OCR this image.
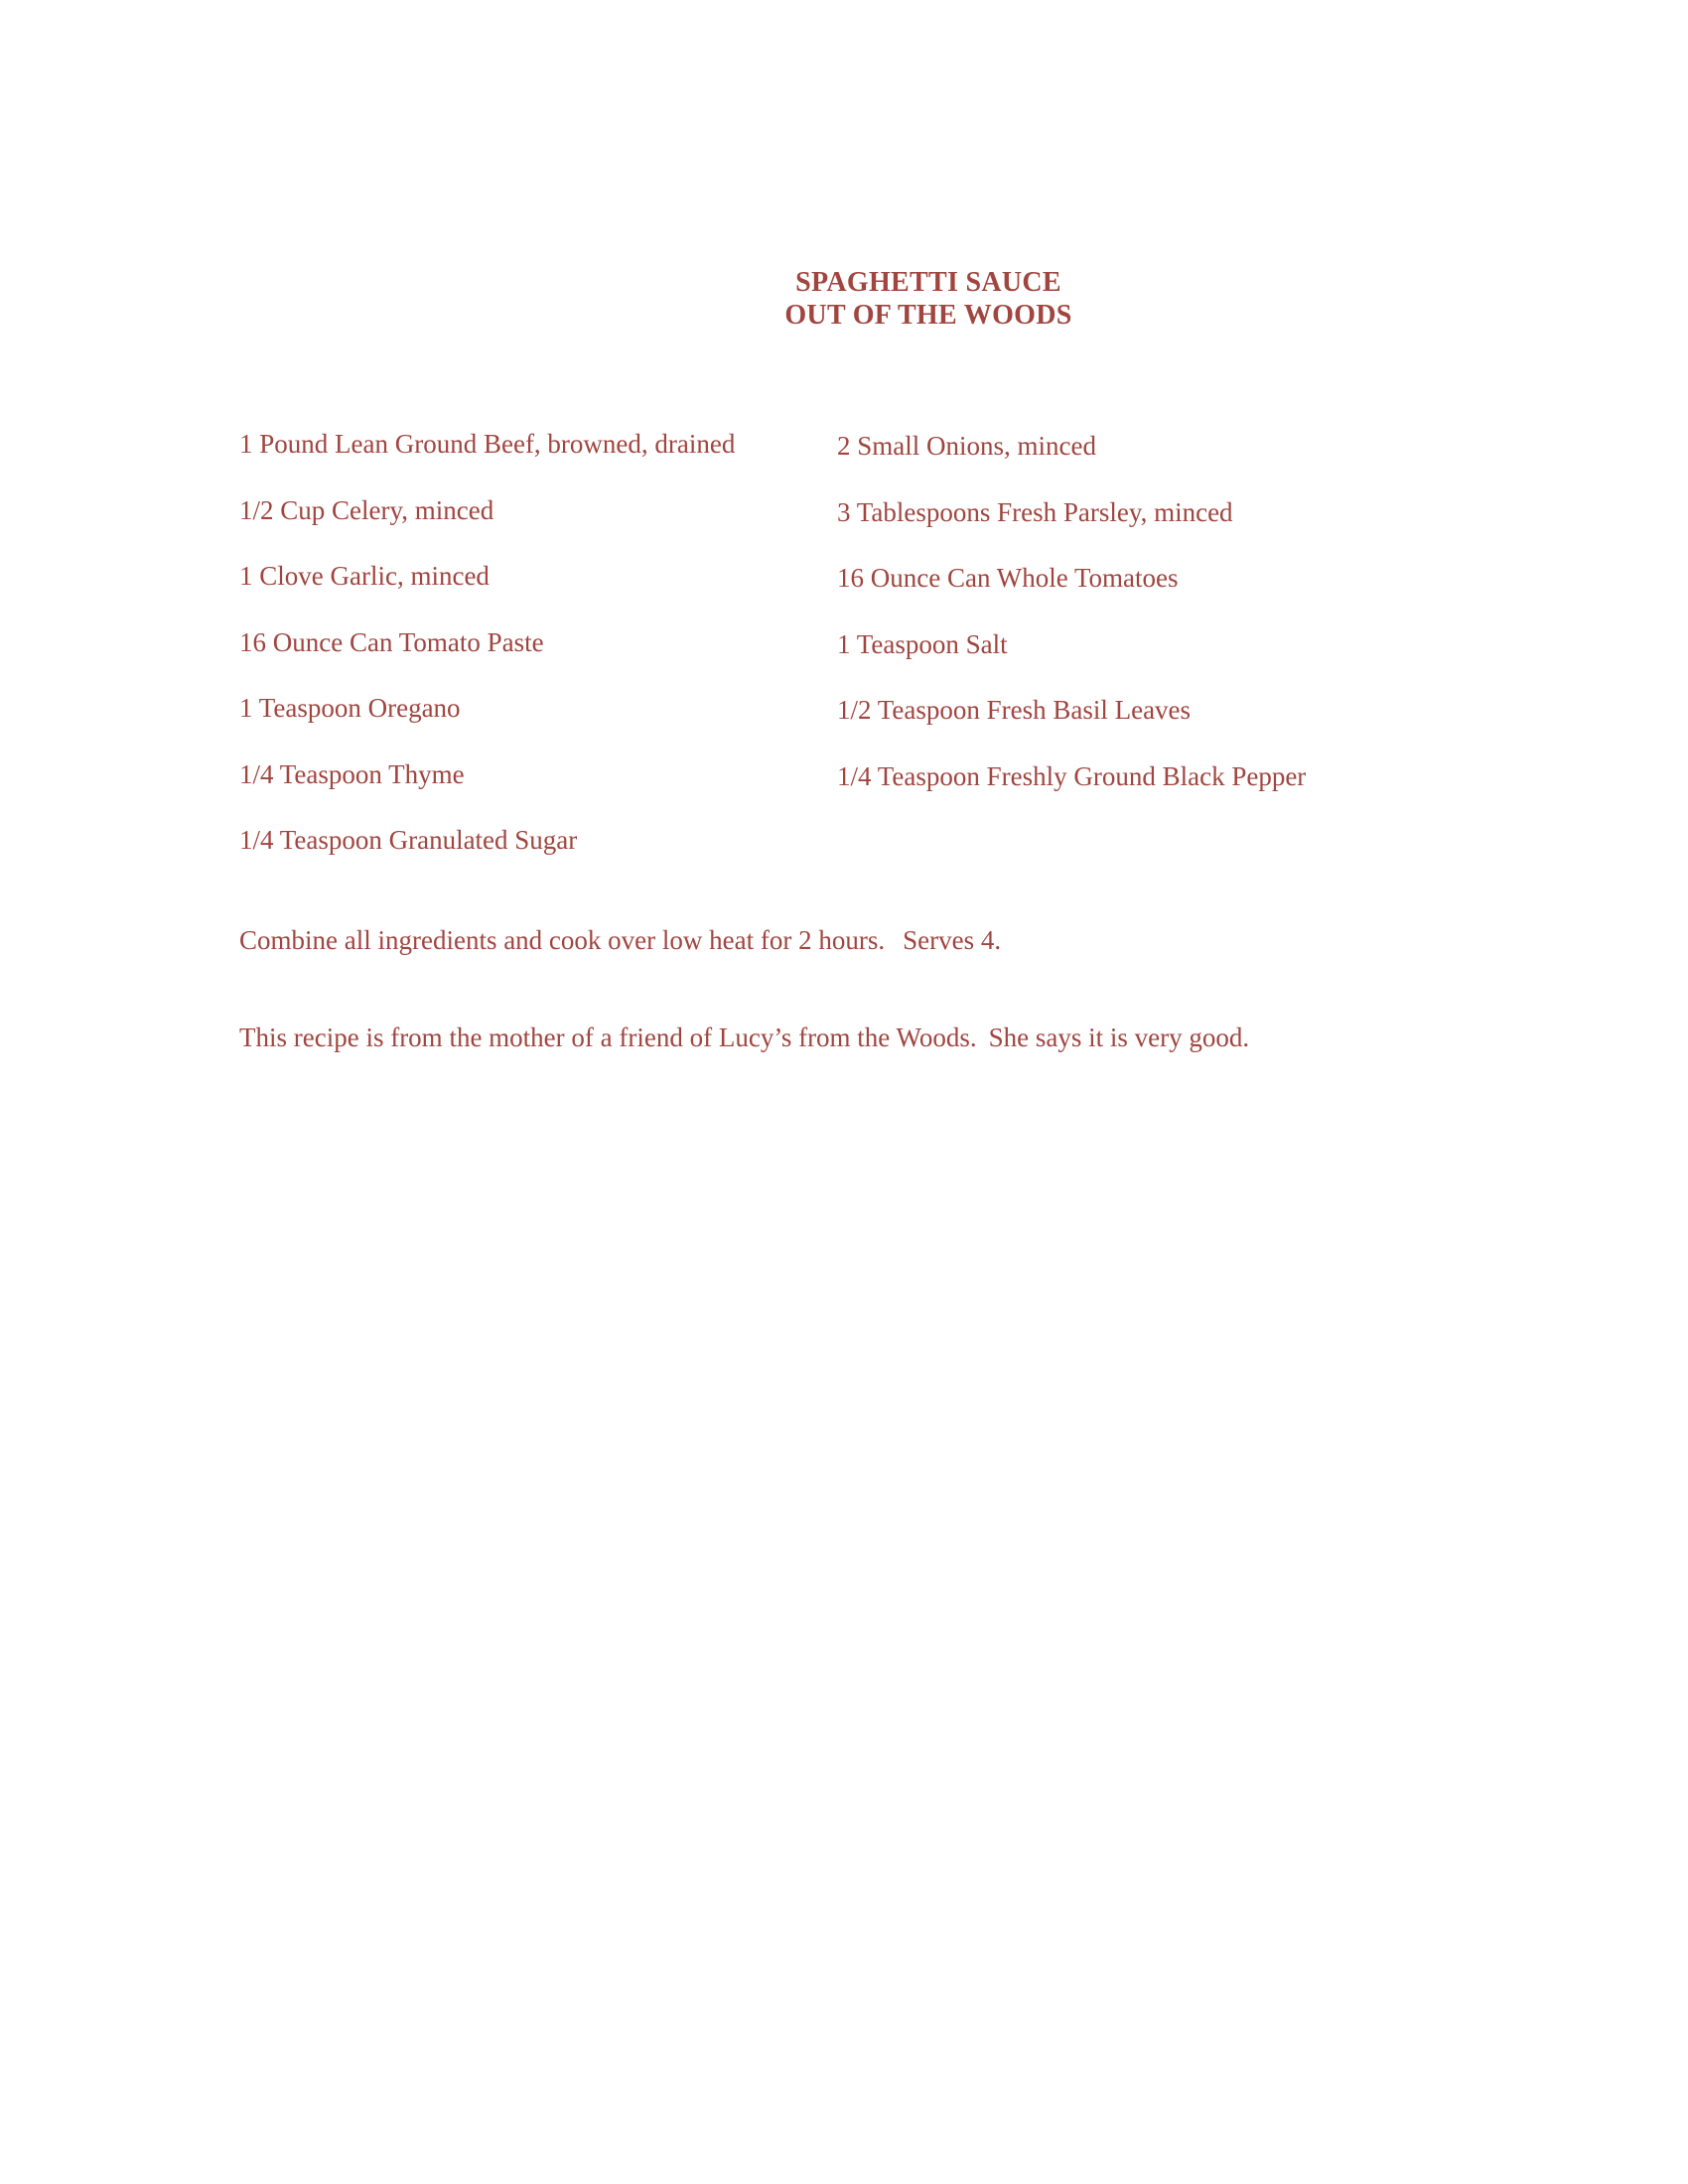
SPAGHETTI SAUCE
OUT OF THE WOODS
1 Pound Lean Ground Beef, browned, drained
1/2 Cup Celery, minced
1 Clove Garlic, minced
16 Ounce Can Tomato Paste
1 Teaspoon Oregano
1/4 Teaspoon Thyme
1/4 Teaspoon Granulated Sugar
2 Small Onions, minced
3 Tablespoons Fresh Parsley, minced
16 Ounce Can Whole Tomatoes
1 Teaspoon Salt
1/2 Teaspoon Fresh Basil Leaves
1/4 Teaspoon Freshly Ground Black Pepper
Combine all ingredients and cook over low heat for 2 hours. Serves 4.
This recipe is from the mother of a friend of Lucy’s from the Woods. She says it is very good.
